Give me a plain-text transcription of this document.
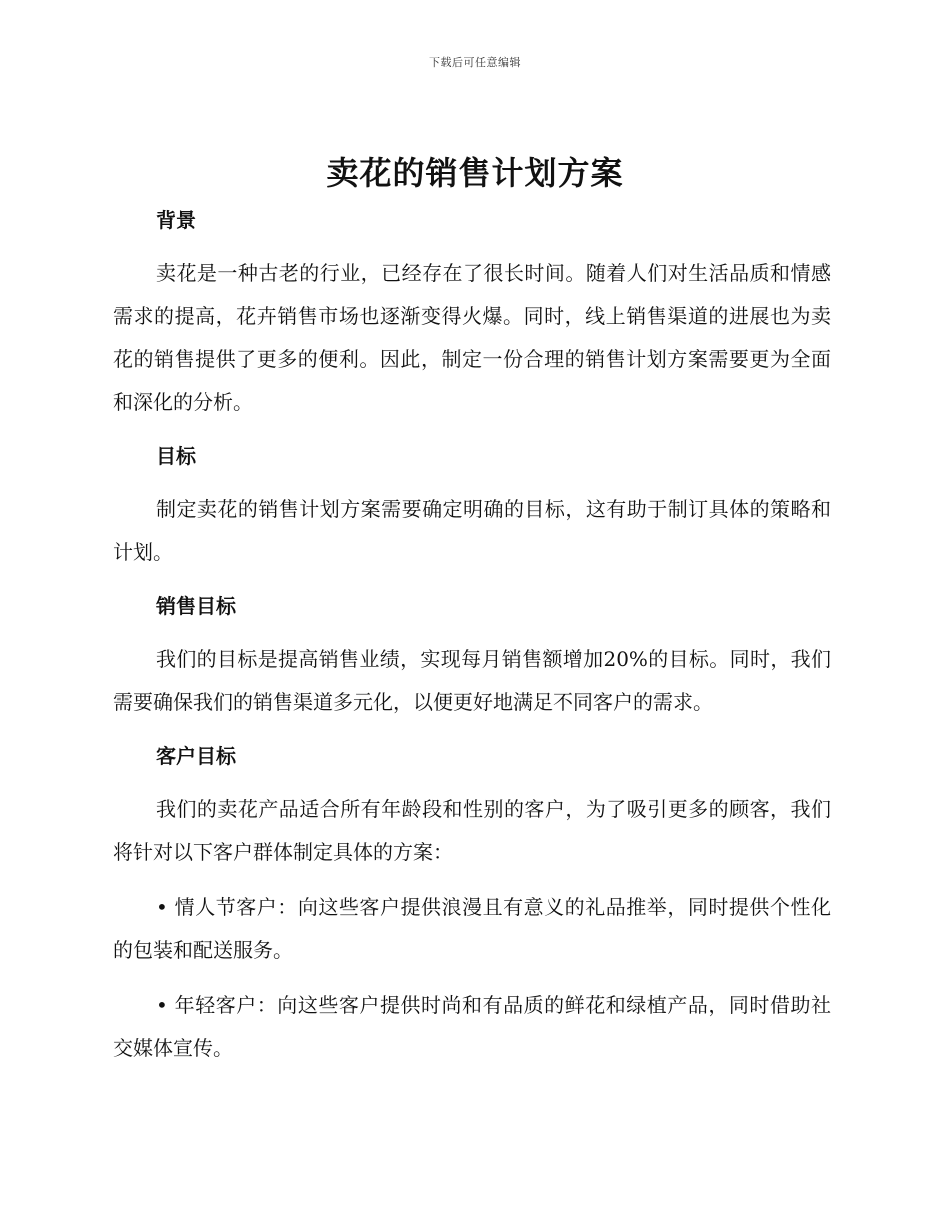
下载后可任意编辑
卖花的销售计划方案
背景

卖花是一种古老的行业，已经存在了很长时间。随着人们对生活品质和情感需求的提高，花卉销售市场也逐渐变得火爆。同时，线上销售渠道的进展也为卖花的销售提供了更多的便利。因此，制定一份合理的销售计划方案需要更为全面和深化的分析。

目标

制定卖花的销售计划方案需要确定明确的目标，这有助于制订具体的策略和计划。

销售目标

我们的目标是提高销售业绩，实现每月销售额增加20%的目标。同时，我们需要确保我们的销售渠道多元化，以便更好地满足不同客户的需求。

客户目标

我们的卖花产品适合所有年龄段和性别的客户，为了吸引更多的顾客，我们将针对以下客户群体制定具体的方案：

• 情人节客户：向这些客户提供浪漫且有意义的礼品推举，同时提供个性化的包装和配送服务。

• 年轻客户：向这些客户提供时尚和有品质的鲜花和绿植产品，同时借助社交媒体宣传。
